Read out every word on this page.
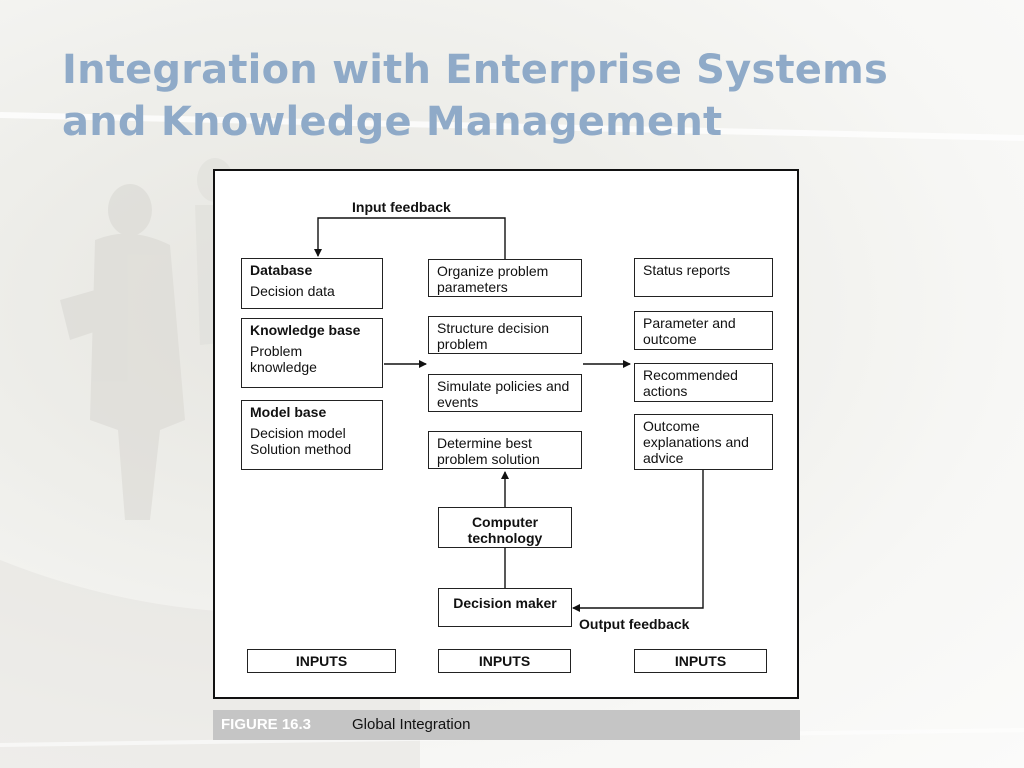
Integration with Enterprise Systems
and Knowledge Management
Input feedback
Output feedback
Database
Decision data
Knowledge base
Problem
knowledge
Model base
Decision model
Solution method
Organize problem parameters
Structure decision problem
Simulate policies and events
Determine best problem solution
Status reports
Parameter and outcome
Recommended actions
Outcome explanations and advice
Computer technology
Decision maker
INPUTS	INPUTS	INPUTS
FIGURE 16.3	Global Integration
